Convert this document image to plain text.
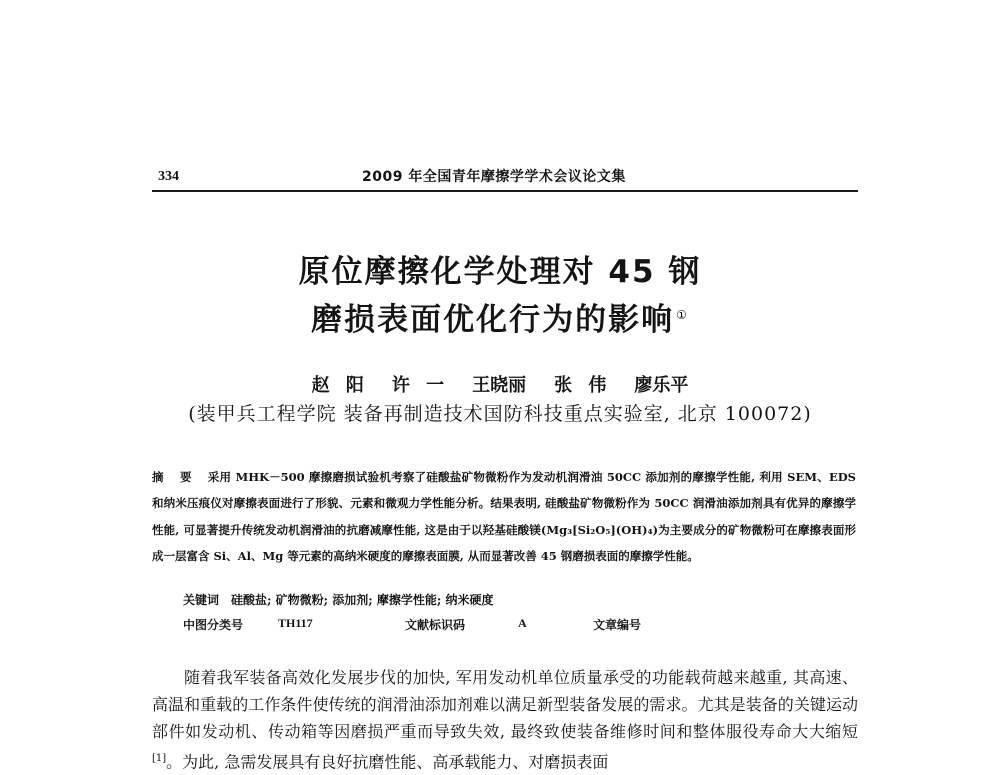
334	2009 年全国青年摩擦学学术会议论文集
原位摩擦化学处理对 45 钢
磨损表面优化行为的影响 ①
赵 阳 许 一 王晓丽 张 伟 廖乐平
(装甲兵工程学院 装备再制造技术国防科技重点实验室, 北京 100072)
摘 要 采用 MHK－500 摩擦磨损试验机考察了硅酸盐矿物微粉作为发动机润滑油 50CC 添加剂的摩擦学性能, 利用 SEM、EDS 和纳米压痕仪对摩擦表面进行了形貌、元素和微观力学性能分析。结果表明, 硅酸盐矿物微粉作为 50CC 润滑油添加剂具有优异的摩擦学性能, 可显著提升传统发动机润滑油的抗磨减摩性能, 这是由于以羟基硅酸镁(Mg₃[Si₂O₅](OH)₄)为主要成分的矿物微粉可在摩擦表面形成一层富含 Si、Al、Mg 等元素的高纳米硬度的摩擦表面膜, 从而显著改善 45 钢磨损表面的摩擦学性能。
关键词 硅酸盐; 矿物微粉; 添加剂; 摩擦学性能; 纳米硬度
中图分类号	TH117	文献标识码	A	文章编号
随着我军装备高效化发展步伐的加快, 军用发动机单位质量承受的功能载荷越来越重, 其高速、高温和重载的工作条件使传统的润滑油添加剂难以满足新型装备发展的需求。尤其是装备的关键运动部件如发动机、传动箱等因磨损严重而导致失效, 最终致使装备维修时间和整体服役寿命大大缩短[1]。为此, 急需发展具有良好抗磨性能、高承载能力、对磨损表面
